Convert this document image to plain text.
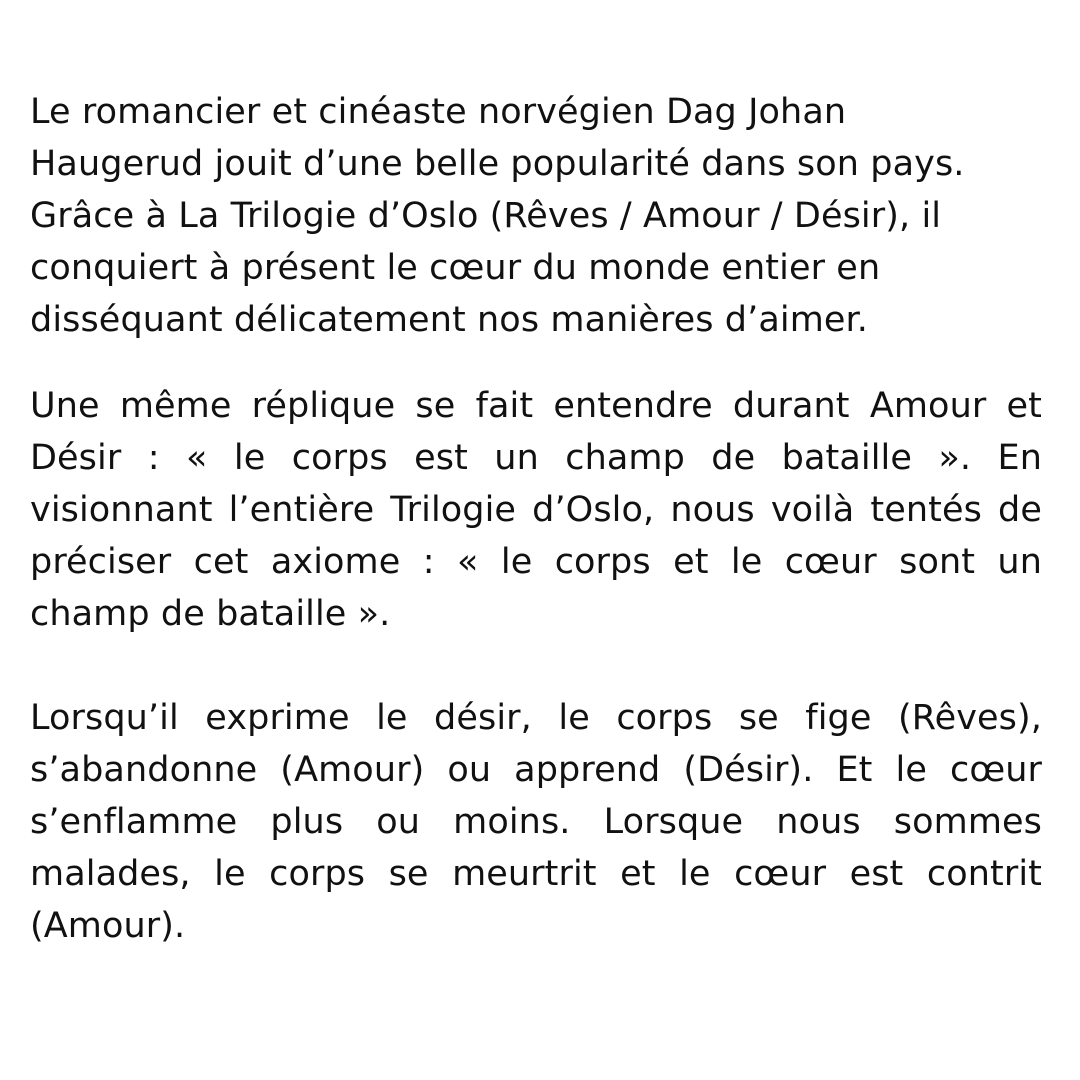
Le romancier et cinéaste norvégien Dag Johan Haugerud jouit d’une belle popularité dans son pays. Grâce à La Trilogie d’Oslo (Rêves / Amour / Désir), il conquiert à présent le cœur du monde entier en disséquant délicatement nos manières d’aimer.

Une même réplique se fait entendre durant Amour et Désir : « le corps est un champ de bataille ». En visionnant l’entière Trilogie d’Oslo, nous voilà tentés de préciser cet axiome : « le corps et le cœur sont un champ de bataille ».

Lorsqu’il exprime le désir, le corps se fige (Rêves), s’abandonne (Amour) ou apprend (Désir). Et le cœur s’enflamme plus ou moins. Lorsque nous sommes malades, le corps se meurtrit et le cœur est contrit (Amour).
